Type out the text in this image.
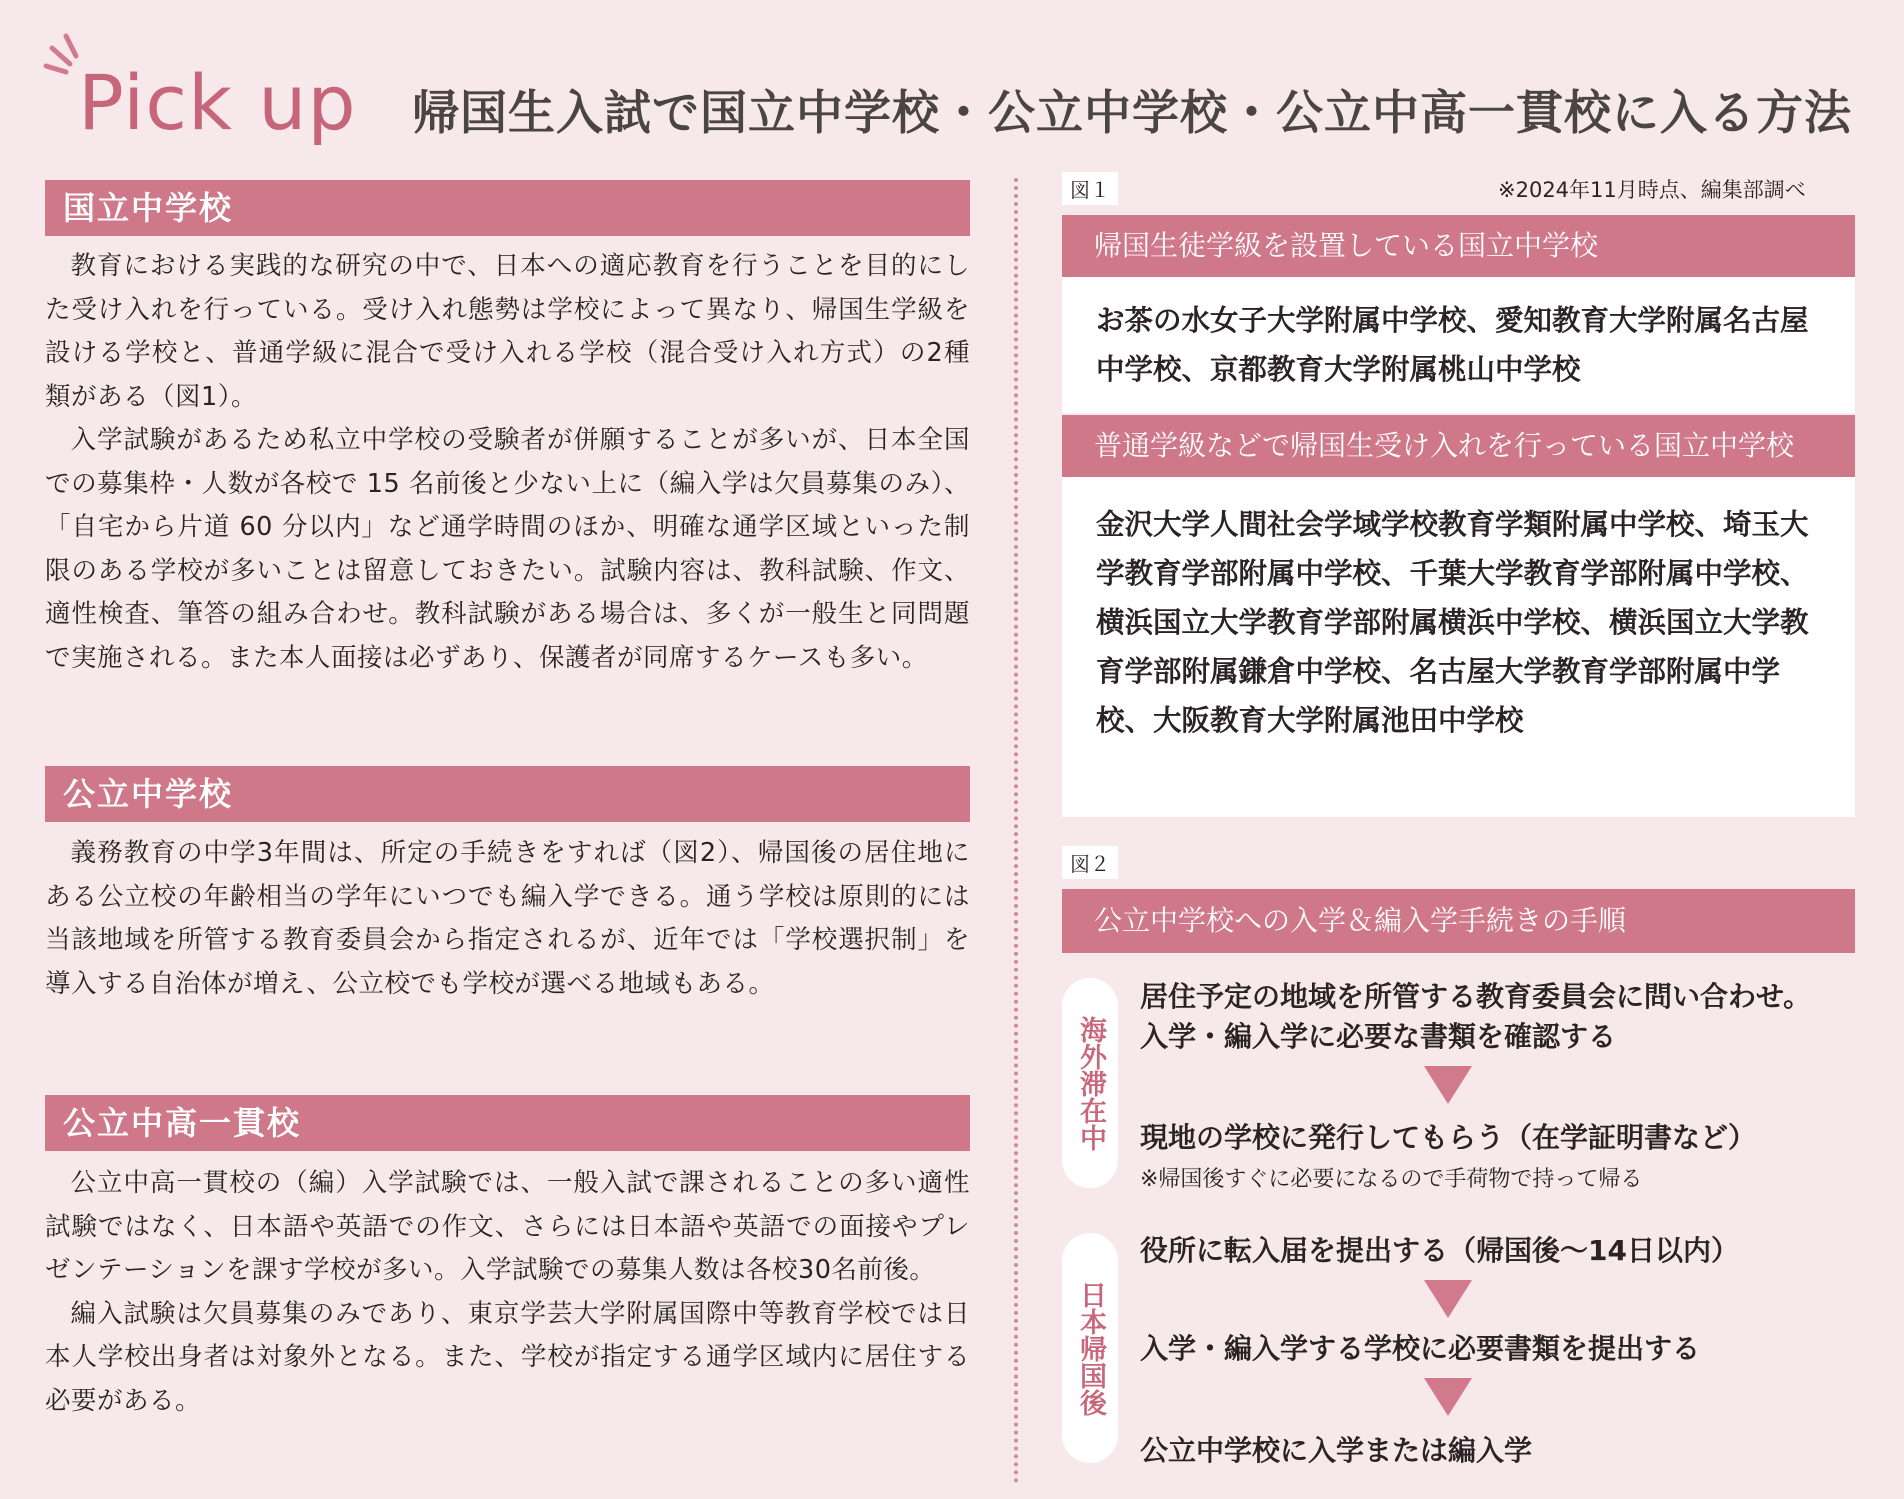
Pick up 帰国生入試で国立中学校・公立中学校・公立中高一貫校に入る方法
国立中学校

教育における実践的な研究の中で、日本への適応教育を行うことを目的にした受け入れを行っている。受け入れ態勢は学校によって異なり、帰国生学級を設ける学校と、普通学級に混合で受け入れる学校（混合受け入れ方式）の2種類がある（図1）。

入学試験があるため私立中学校の受験者が併願することが多いが、日本全国での募集枠・人数が各校で 15 名前後と少ない上に（編入学は欠員募集のみ）、「自宅から片道 60 分以内」など通学時間のほか、明確な通学区域といった制限のある学校が多いことは留意しておきたい。試験内容は、教科試験、作文、適性検査、筆答の組み合わせ。教科試験がある場合は、多くが一般生と同問題で実施される。また本人面接は必ずあり、保護者が同席するケースも多い。

公立中学校

義務教育の中学3年間は、所定の手続きをすれば（図2）、帰国後の居住地にある公立校の年齢相当の学年にいつでも編入学できる。通う学校は原則的には当該地域を所管する教育委員会から指定されるが、近年では「学校選択制」を導入する自治体が増え、公立校でも学校が選べる地域もある。

公立中高一貫校

公立中高一貫校の（編）入学試験では、一般入試で課されることの多い適性試験ではなく、日本語や英語での作文、さらには日本語や英語での面接やプレゼンテーションを課す学校が多い。入学試験での募集人数は各校30名前後。

編入試験は欠員募集のみであり、東京学芸大学附属国際中等教育学校では日本人学校出身者は対象外となる。また、学校が指定する通学区域内に居住する必要がある。

図１	※2024年11月時点、編集部調べ
帰国生徒学級を設置している国立中学校
お茶の水女子大学附属中学校、愛知教育大学附属名古屋中学校、京都教育大学附属桃山中学校
普通学級などで帰国生受け入れを行っている国立中学校
金沢大学人間社会学域学校教育学類附属中学校、埼玉大学教育学部附属中学校、千葉大学教育学部附属中学校、横浜国立大学教育学部附属横浜中学校、横浜国立大学教育学部附属鎌倉中学校、名古屋大学教育学部附属中学校、大阪教育大学附属池田中学校
図２
公立中学校への入学＆編入学手続きの手順
海外滞在中
日本帰国後
居住予定の地域を所管する教育委員会に問い合わせ。
入学・編入学に必要な書類を確認する
現地の学校に発行してもらう（在学証明書など）
※帰国後すぐに必要になるので手荷物で持って帰る
役所に転入届を提出する（帰国後〜14日以内）
入学・編入学する学校に必要書類を提出する
公立中学校に入学または編入学
